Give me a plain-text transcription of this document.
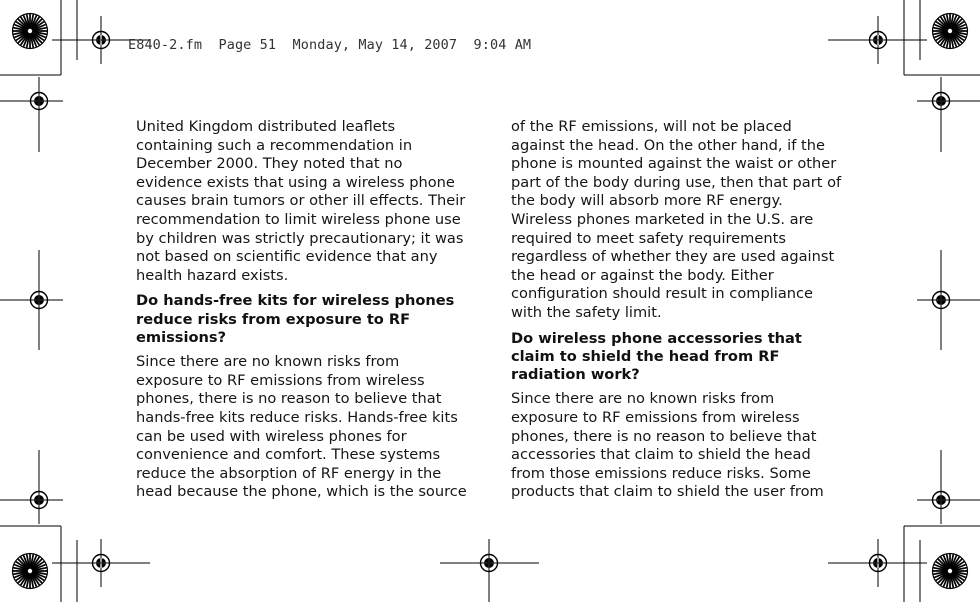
E840-2.fm  Page 51  Monday, May 14, 2007  9:04 AM

United Kingdom distributed leaflets containing such a recommendation in December 2000. They noted that no evidence exists that using a wireless phone causes brain tumors or other ill effects. Their recommendation to limit wireless phone use by children was strictly precautionary; it was not based on scientific evidence that any health hazard exists.

Do hands-free kits for wireless phones reduce risks from exposure to RF emissions?

Since there are no known risks from exposure to RF emissions from wireless phones, there is no reason to believe that hands-free kits reduce risks. Hands-free kits can be used with wireless phones for convenience and comfort. These systems reduce the absorption of RF energy in the head because the phone, which is the source

of the RF emissions, will not be placed against the head. On the other hand, if the phone is mounted against the waist or other part of the body during use, then that part of the body will absorb more RF energy. Wireless phones marketed in the U.S. are required to meet safety requirements regardless of whether they are used against the head or against the body. Either configuration should result in compliance with the safety limit.

Do wireless phone accessories that claim to shield the head from RF radiation work?

Since there are no known risks from exposure to RF emissions from wireless phones, there is no reason to believe that accessories that claim to shield the head from those emissions reduce risks. Some products that claim to shield the user from
